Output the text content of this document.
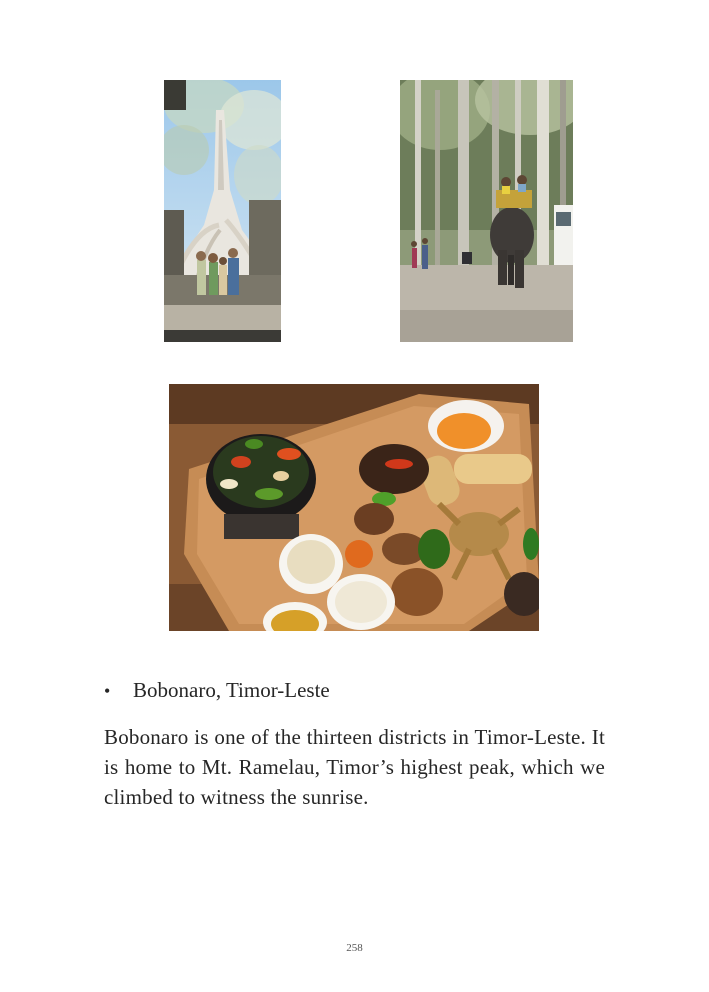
• Bobonaro, Timor-Leste
Bobonaro is one of the thirteen districts in Timor-Leste. It is home to Mt. Ramelau, Timor’s highest peak, which we climbed to witness the sunrise.
258
